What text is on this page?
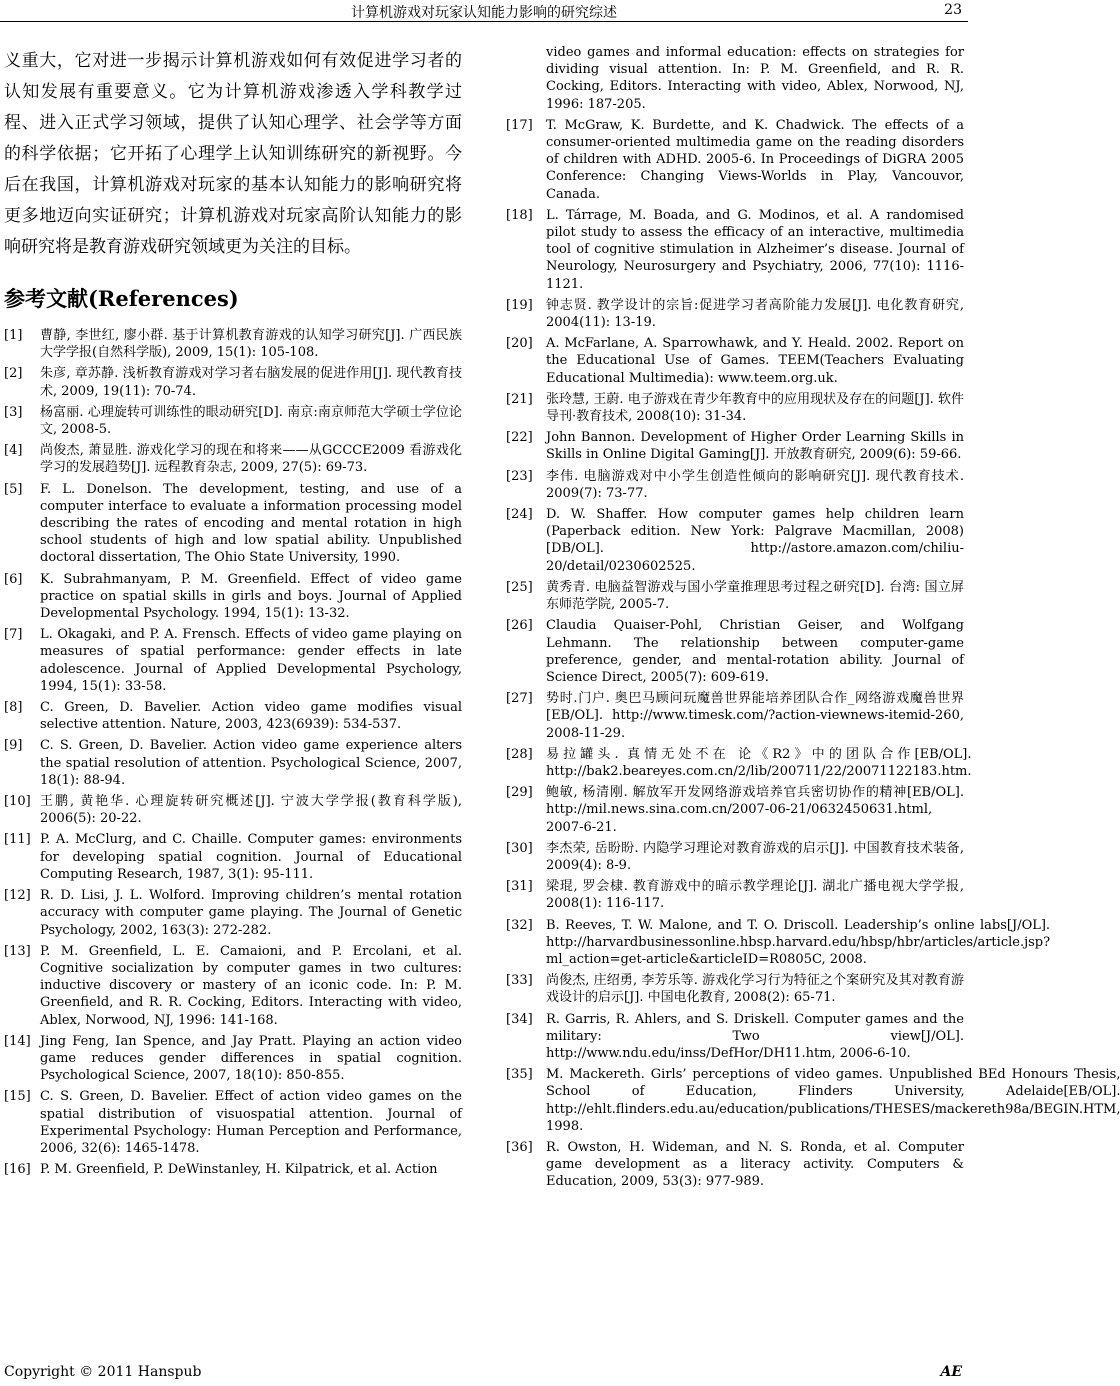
计算机游戏对玩家认知能力影响的研究综述	23

义重大，它对进一步揭示计算机游戏如何有效促进学习者的认知发展有重要意义。它为计算机游戏渗透入学科教学过程、进入正式学习领域，提供了认知心理学、社会学等方面的科学依据；它开拓了心理学上认知训练研究的新视野。今后在我国，计算机游戏对玩家的基本认知能力的影响研究将更多地迈向实证研究；计算机游戏对玩家高阶认知能力的影响研究将是教育游戏研究领域更为关注的目标。

参考文献(References)
[1]	曹静, 李世红, 廖小群. 基于计算机教育游戏的认知学习研究[J]. 广西民族大学学报(自然科学版), 2009, 15(1): 105-108.
[2]	朱彦, 章苏静. 浅析教育游戏对学习者右脑发展的促进作用[J]. 现代教育技术, 2009, 19(11): 70-74.
[3]	杨富丽. 心理旋转可训练性的眼动研究[D]. 南京:南京师范大学硕士学位论文, 2008-5.
[4]	尚俊杰, 萧显胜. 游戏化学习的现在和将来——从GCCCE2009 看游戏化学习的发展趋势[J]. 远程教育杂志, 2009, 27(5): 69-73.
[5]	F. L. Donelson. The development, testing, and use of a computer interface to evaluate a information processing model describing the rates of encoding and mental rotation in high school students of high and low spatial ability. Unpublished doctoral dissertation, The Ohio State University, 1990.
[6]	K. Subrahmanyam, P. M. Greenfield. Effect of video game practice on spatial skills in girls and boys. Journal of Applied Developmental Psychology. 1994, 15(1): 13-32.
[7]	L. Okagaki, and P. A. Frensch. Effects of video game playing on measures of spatial performance: gender effects in late adolescence. Journal of Applied Developmental Psychology, 1994, 15(1): 33-58.
[8]	C. Green, D. Bavelier. Action video game modifies visual selective attention. Nature, 2003, 423(6939): 534-537.
[9]	C. S. Green, D. Bavelier. Action video game experience alters the spatial resolution of attention. Psychological Science, 2007, 18(1): 88-94.
[10] 王鹏, 黄艳华. 心理旋转研究概述[J]. 宁波大学学报(教育科学版), 2006(5): 20-22.
[11] P. A. McClurg, and C. Chaille. Computer games: environments for developing spatial cognition. Journal of Educational Computing Research, 1987, 3(1): 95-111.
[12] R. D. Lisi, J. L. Wolford. Improving children’s mental rotation accuracy with computer game playing. The Journal of Genetic Psychology, 2002, 163(3): 272-282.
[13] P. M. Greenfield, L. E. Camaioni, and P. Ercolani, et al. Cognitive socialization by computer games in two cultures: inductive discovery or mastery of an iconic code. In: P. M. Greenfield, and R. R. Cocking, Editors. Interacting with video, Ablex, Norwood, NJ, 1996: 141-168.
[14] Jing Feng, Ian Spence, and Jay Pratt. Playing an action video game reduces gender differences in spatial cognition. Psychological Science, 2007, 18(10): 850-855.
[15] C. S. Green, D. Bavelier. Effect of action video games on the spatial distribution of visuospatial attention. Journal of Experimental Psychology: Human Perception and Performance, 2006, 32(6): 1465-1478.
[16] P. M. Greenfield, P. DeWinstanley, H. Kilpatrick, et al. Action
video games and informal education: effects on strategies for dividing visual attention. In: P. M. Greenfield, and R. R. Cocking, Editors. Interacting with video, Ablex, Norwood, NJ, 1996: 187-205.
[17]	T. McGraw, K. Burdette, and K. Chadwick. The effects of a consumer-oriented multimedia game on the reading disorders of children with ADHD. 2005-6. In Proceedings of DiGRA 2005 Conference: Changing Views-Worlds in Play, Vancouvor, Canada.
[18]	L. Tárrage, M. Boada, and G. Modinos, et al. A randomised pilot study to assess the efficacy of an interactive, multimedia tool of cognitive stimulation in Alzheimer’s disease. Journal of Neurology, Neurosurgery and Psychiatry, 2006, 77(10): 1116-1121.
[19]	钟志贤. 教学设计的宗旨:促进学习者高阶能力发展[J]. 电化教育研究, 2004(11): 13-19.
[20]	A. McFarlane, A. Sparrowhawk, and Y. Heald. 2002. Report on the Educational Use of Games. TEEM(Teachers Evaluating Educational Multimedia): www.teem.org.uk.
[21]	张玲慧, 王蔚. 电子游戏在青少年教育中的应用现状及存在的问题[J]. 软件导刊·教育技术, 2008(10): 31-34.
[22]	John Bannon. Development of Higher Order Learning Skills in Skills in Online Digital Gaming[J]. 开放教育研究, 2009(6): 59-66.
[23]	李伟. 电脑游戏对中小学生创造性倾向的影响研究[J]. 现代教育技术. 2009(7): 73-77.
[24]	D. W. Shaffer. How computer games help children learn (Paperback edition. New York: Palgrave Macmillan, 2008)[DB/OL]. http://astore.amazon.com/chiliu-20/detail/0230602525.
[25]	黄秀青. 电脑益智游戏与国小学童推理思考过程之研究[D]. 台湾: 国立屏东师范学院, 2005-7.
[26]	Claudia Quaiser-Pohl, Christian Geiser, and Wolfgang Lehmann. The relationship between computer-game preference, gender, and mental-rotation ability. Journal of Science Direct, 2005(7): 609-619.
[27]	势时.门户. 奥巴马顾问玩魔兽世界能培养团队合作_网络游戏魔兽世界[EB/OL]. http://www.timesk.com/?action-viewnews-itemid-260, 2008-11-29.
[28]	易拉罐头. 真情无处不在 论《R2》中的团队合作[EB/OL]. http://bak2.beareyes.com.cn/2/lib/200711/22/20071122183.htm.
[29]	鲍敏, 杨清刚. 解放军开发网络游戏培养官兵密切协作的精神[EB/OL]. http://mil.news.sina.com.cn/2007-06-21/0632450631.html, 2007-6-21.
[30]	李杰荣, 岳盼盼. 内隐学习理论对教育游戏的启示[J]. 中国教育技术装备, 2009(4): 8-9.
[31]	梁琨, 罗会棣. 教育游戏中的暗示教学理论[J]. 湖北广播电视大学学报, 2008(1): 116-117.
[32]	B. Reeves, T. W. Malone, and T. O. Driscoll. Leadership’s online labs[J/OL]. http://harvardbusinessonline.hbsp.harvard.edu/hbsp/hbr/articles/article.jsp?ml_action=get-article&articleID=R0805C, 2008.
[33]	尚俊杰, 庄绍勇, 李芳乐等. 游戏化学习行为特征之个案研究及其对教育游戏设计的启示[J]. 中国电化教育, 2008(2): 65-71.
[34]	R. Garris, R. Ahlers, and S. Driskell. Computer games and the military: Two view[J/OL]. http://www.ndu.edu/inss/DefHor/DH11.htm, 2006-6-10.
[35]	M. Mackereth. Girls’ perceptions of video games. Unpublished BEd Honours Thesis, School of Education, Flinders University, Adelaide[EB/OL]. http://ehlt.flinders.edu.au/education/publications/THESES/mackereth98a/BEGIN.HTM, 1998.
[36]	R. Owston, H. Wideman, and N. S. Ronda, et al. Computer game development as a literacy activity. Computers & Education, 2009, 53(3): 977-989.
Copyright © 2011 Hanspub	AE
